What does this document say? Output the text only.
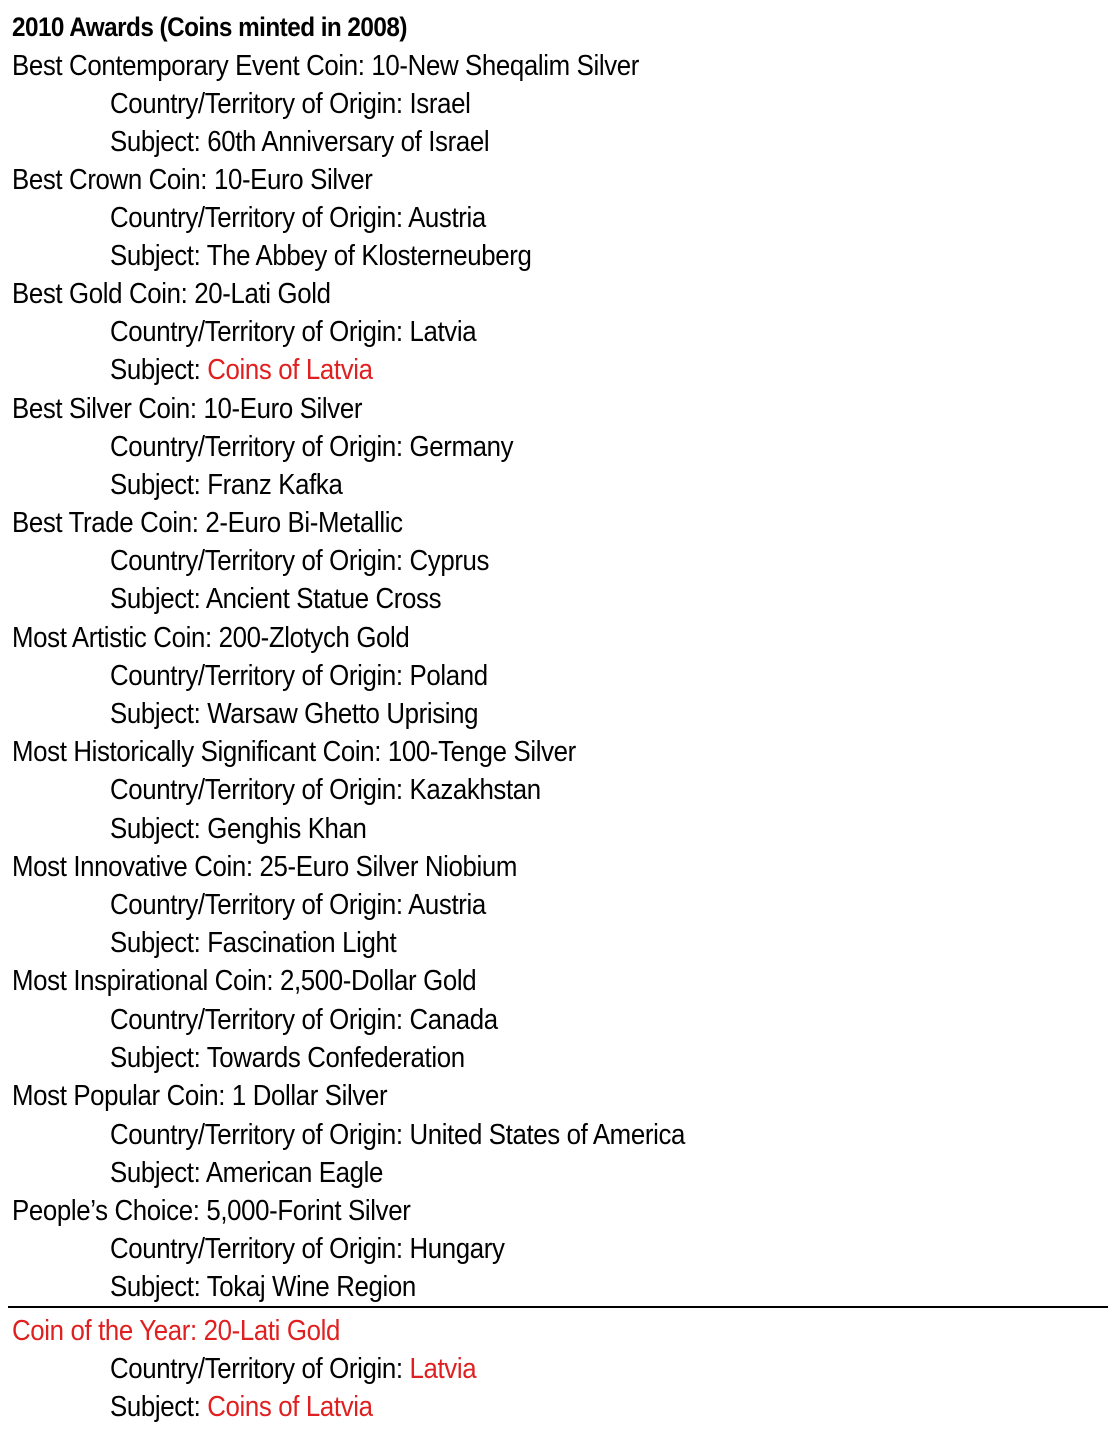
2010 Awards (Coins minted in 2008)
Best Contemporary Event Coin: 10-New Sheqalim Silver
Country/Territory of Origin: Israel
Subject: 60th Anniversary of Israel
Best Crown Coin: 10-Euro Silver
Country/Territory of Origin: Austria
Subject: The Abbey of Klosterneuberg
Best Gold Coin: 20-Lati Gold
Country/Territory of Origin: Latvia
Subject: Coins of Latvia
Best Silver Coin: 10-Euro Silver
Country/Territory of Origin: Germany
Subject: Franz Kafka
Best Trade Coin: 2-Euro Bi-Metallic
Country/Territory of Origin: Cyprus
Subject: Ancient Statue Cross
Most Artistic Coin: 200-Zlotych Gold
Country/Territory of Origin: Poland
Subject: Warsaw Ghetto Uprising
Most Historically Significant Coin: 100-Tenge Silver
Country/Territory of Origin: Kazakhstan
Subject: Genghis Khan
Most Innovative Coin: 25-Euro Silver Niobium
Country/Territory of Origin: Austria
Subject: Fascination Light
Most Inspirational Coin: 2,500-Dollar Gold
Country/Territory of Origin: Canada
Subject: Towards Confederation
Most Popular Coin: 1 Dollar Silver
Country/Territory of Origin: United States of America
Subject: American Eagle
People’s Choice: 5,000-Forint Silver
Country/Territory of Origin: Hungary
Subject: Tokaj Wine Region
Coin of the Year: 20-Lati Gold
Country/Territory of Origin: Latvia
Subject: Coins of Latvia
